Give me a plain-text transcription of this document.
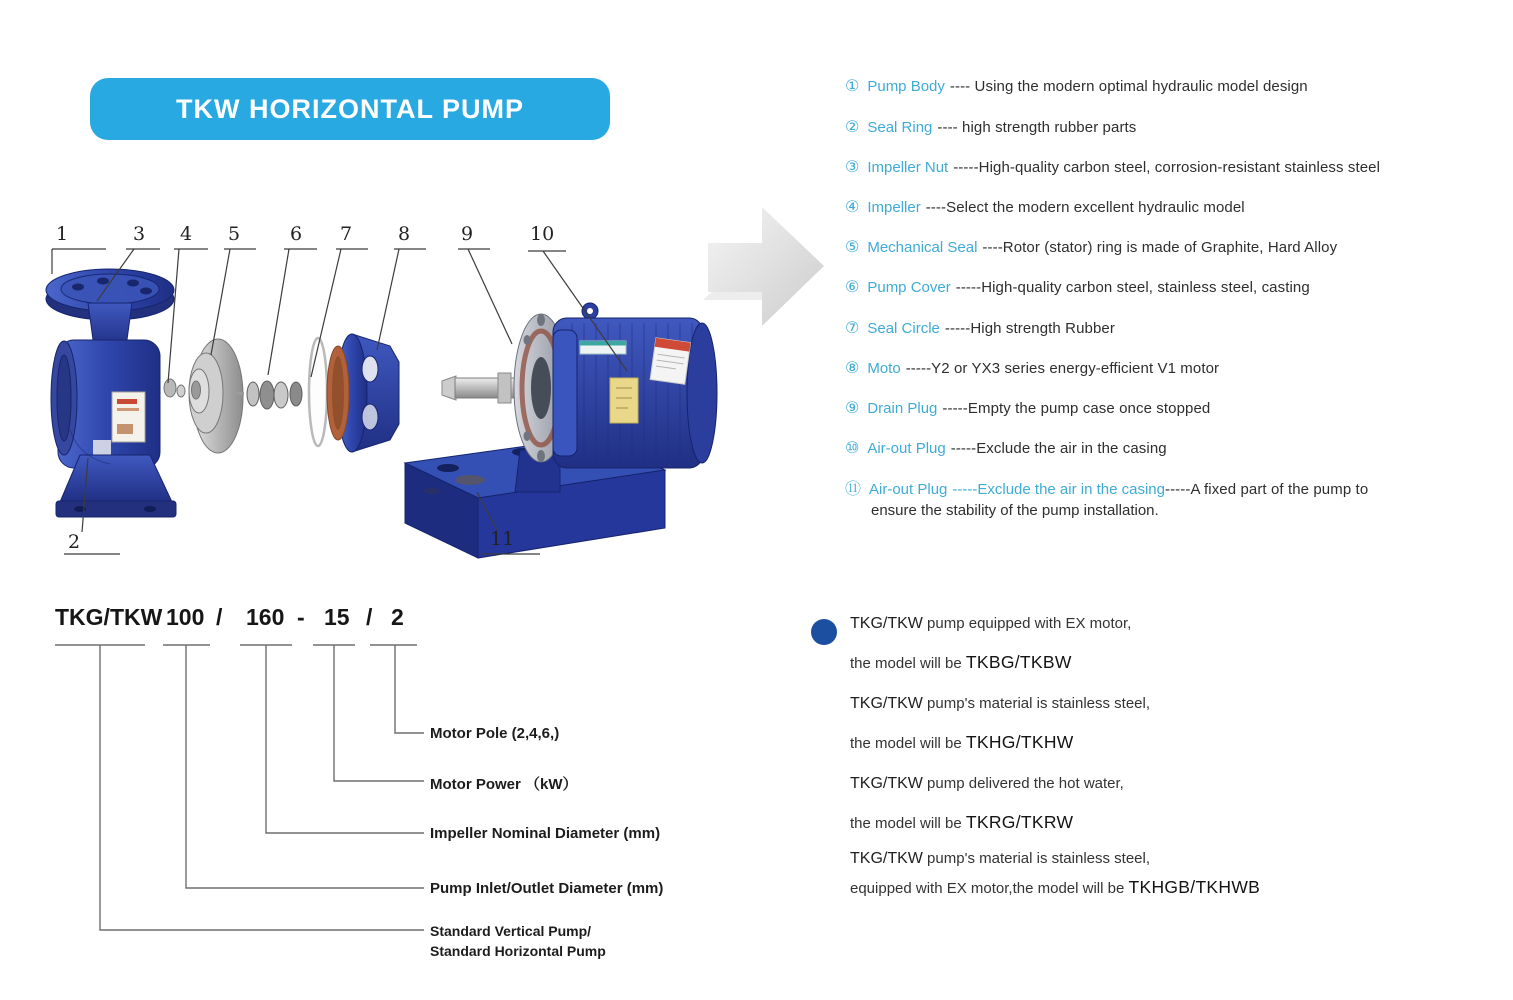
TKW HORIZONTAL PUMP
1
2
3 4 5	6 7 8	9	10
11
① Pump Body ---- Using the modern optimal hydraulic model design
② Seal Ring ---- high strength rubber parts
③ Impeller Nut -----High-quality carbon steel, corrosion-resistant stainless steel
④ Impeller ----Select the modern excellent hydraulic model
⑤ Mechanical Seal ----Rotor (stator) ring is made of Graphite, Hard Alloy
⑥ Pump Cover -----High-quality carbon steel, stainless steel, casting
⑦ Seal Circle -----High strength Rubber
⑧ Moto -----Y2 or YX3 series energy-efficient V1 motor
⑨ Drain Plug -----Empty the pump case once stopped
⑩ Air-out Plug -----Exclude the air in the casing
⑪ Air-out Plug -----Exclude the air in the casing-----A fixed part of the pump to
ensure the stability of the pump installation.
TKG/TKW 100 / 160 - 15 / 2
Motor Pole (2,4,6,)
Motor Power （kW）
Impeller Nominal Diameter (mm)
Pump Inlet/Outlet Diameter (mm)
Standard Vertical Pump/
Standard Horizontal Pump
TKG/TKW pump equipped with EX motor,
the model will be TKBG/TKBW
TKG/TKW pump's material is stainless steel,
the model will be TKHG/TKHW
TKG/TKW pump delivered the hot water,
the model will be TKRG/TKRW
TKG/TKW pump's material is stainless steel,
equipped with EX motor,the model will be TKHGB/TKHWB
